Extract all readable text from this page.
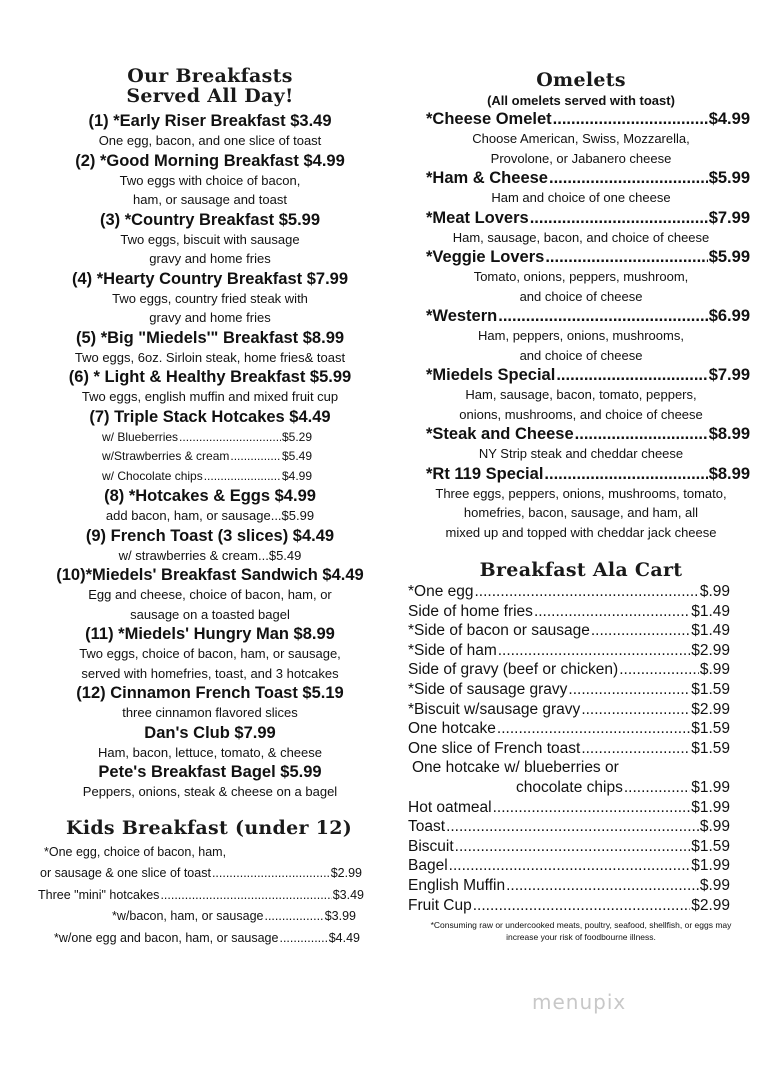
Our Breakfasts
Served All Day!
(1) *Early Riser Breakfast $3.49
One egg, bacon, and one slice of toast
(2) *Good Morning Breakfast $4.99
Two eggs with choice of bacon,
ham, or sausage and toast
(3) *Country Breakfast $5.99
Two eggs, biscuit with sausage
gravy and home fries
(4) *Hearty Country Breakfast $7.99
Two eggs, country fried steak with
gravy and home fries
(5) *Big "Miedels'" Breakfast $8.99
Two eggs, 6oz. Sirloin steak, home fries& toast
(6) * Light & Healthy Breakfast $5.99
Two eggs, english muffin and mixed fruit cup
(7) Triple Stack Hotcakes $4.49
w/ Blueberries .....	$5.29
w/Strawberries & cream .....	$5.49
w/ Chocolate chips .....	$4.99
(8) *Hotcakes & Eggs $4.99
add bacon, ham, or sausage...$5.99
(9) French Toast (3 slices) $4.49
w/ strawberries & cream...$5.49
(10)*Miedels' Breakfast Sandwich $4.49
Egg and cheese, choice of bacon, ham, or
sausage on a toasted bagel
(11) *Miedels' Hungry Man $8.99
Two eggs, choice of bacon, ham, or sausage,
served with homefries, toast, and 3 hotcakes
(12) Cinnamon French Toast $5.19
three cinnamon flavored slices
Dan's Club $7.99
Ham, bacon, lettuce, tomato, & cheese
Pete's Breakfast Bagel $5.99
Peppers, onions, steak & cheese on a bagel
Kids Breakfast (under 12)
*One egg, choice of bacon, ham,
or sausage & one slice of toast .....	$2.99
Three "mini" hotcakes .....	$3.49
*w/bacon, ham, or sausage .....	$3.99
*w/one egg and bacon, ham, or sausage .....	$4.49
Omelets
(All omelets served with toast)
*Cheese Omelet .....	$4.99
Choose American, Swiss, Mozzarella,
Provolone, or Jabanero cheese
*Ham & Cheese .....	$5.99
Ham and choice of one cheese
*Meat Lovers .....	$7.99
Ham, sausage, bacon, and choice of cheese
*Veggie Lovers .....	$5.99
Tomato, onions, peppers, mushroom,
and choice of cheese
*Western .....	$6.99
Ham, peppers, onions, mushrooms,
and choice of cheese
*Miedels Special .....	$7.99
Ham, sausage, bacon, tomato, peppers,
onions, mushrooms, and choice of cheese
*Steak and Cheese .....	$8.99
NY Strip steak and cheddar cheese
*Rt 119 Special .....	$8.99
Three eggs, peppers, onions, mushrooms, tomato,
homefries, bacon, sausage, and ham, all
mixed up and topped with cheddar jack cheese
Breakfast Ala Cart
*One egg .....	$.99
Side of home fries .....	$1.49
*Side of bacon or sausage .....	$1.49
*Side of ham .....	$2.99
Side of gravy (beef or chicken) .....	$.99
*Side of sausage gravy .....	$1.59
*Biscuit w/sausage gravy .....	$2.99
One hotcake .....	$1.59
One slice of French toast .....	$1.59
One hotcake w/ blueberries or
chocolate chips .....	$1.99
Hot oatmeal .....	$1.99
Toast .....	$.99
Biscuit .....	$1.59
Bagel .....	$1.99
English Muffin .....	$.99
Fruit Cup .....	$2.99
*Consuming raw or undercooked meats, poultry, seafood, shellfish, or eggs may
increase your risk of foodbourne illness.
menupix
